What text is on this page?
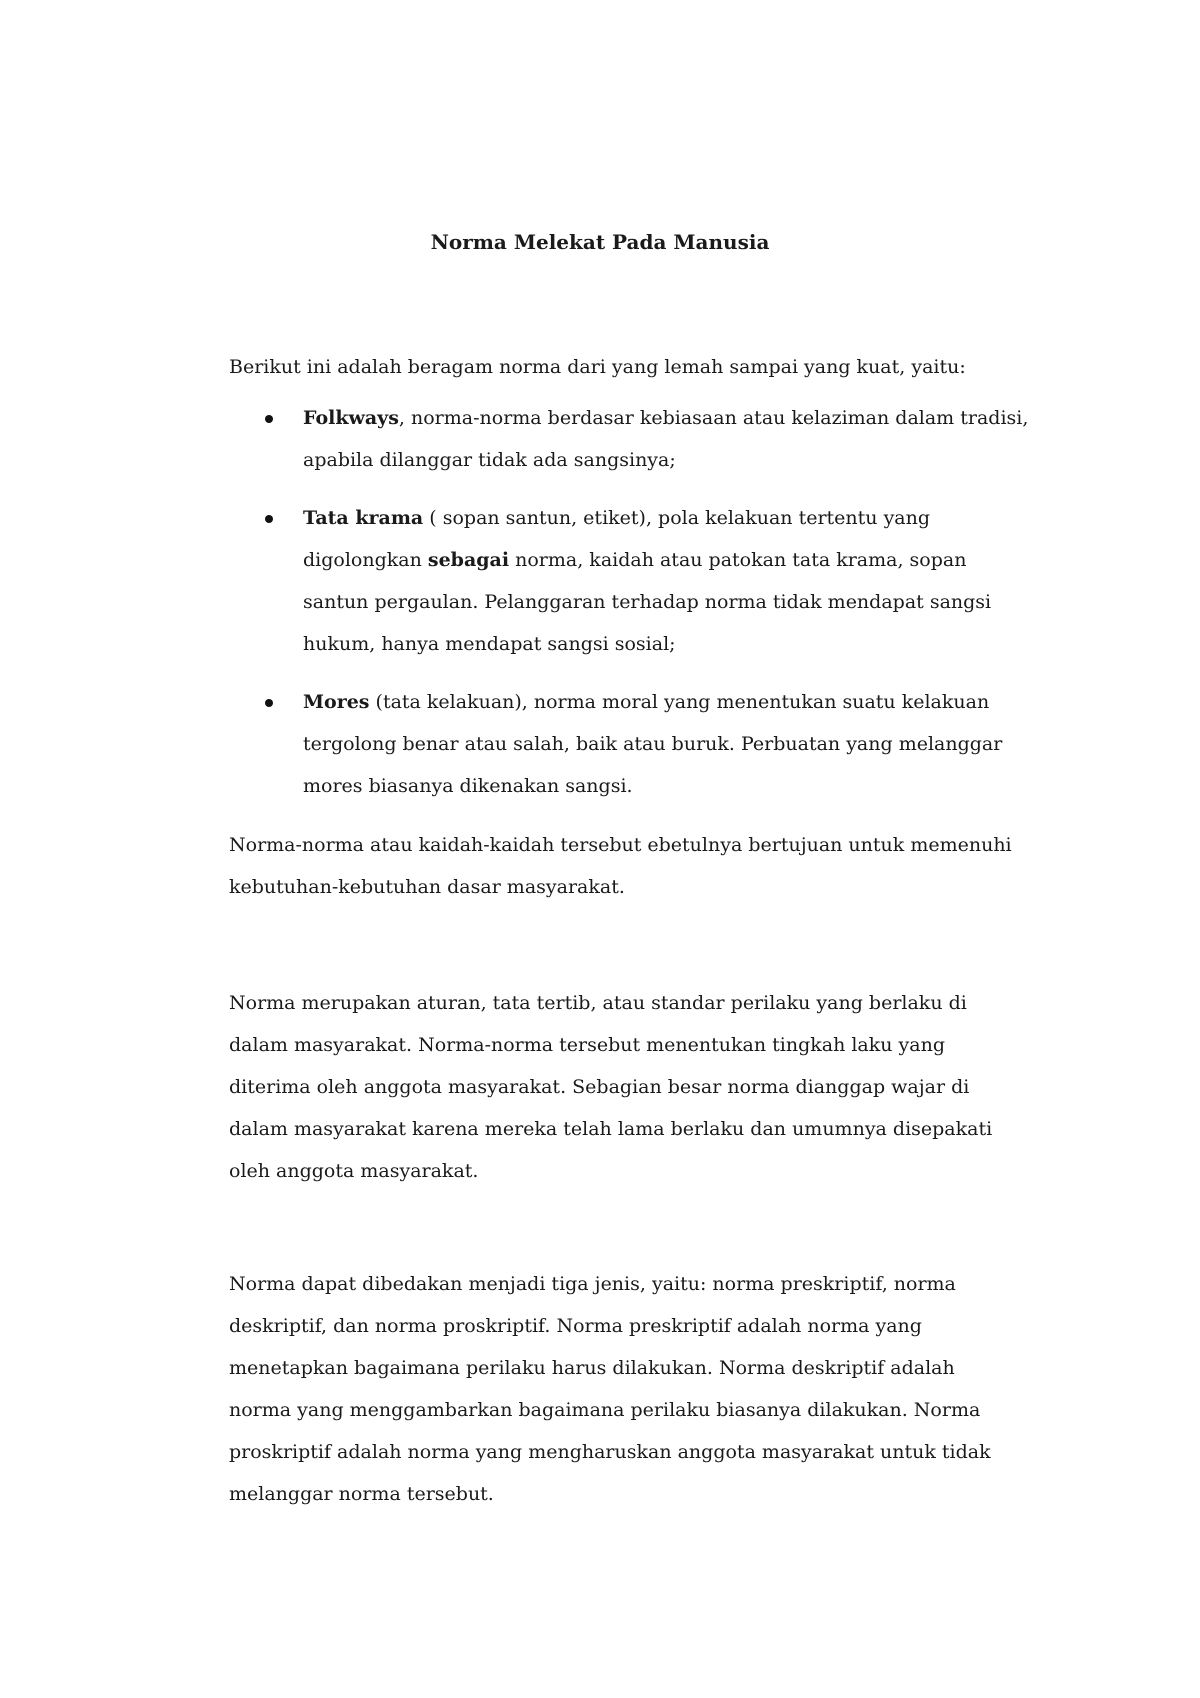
Norma Melekat Pada Manusia

Berikut ini adalah beragam norma dari yang lemah sampai yang kuat, yaitu:

Folkways, norma-norma berdasar kebiasaan atau kelaziman dalam tradisi, apabila dilanggar tidak ada sangsinya;
Tata krama ( sopan santun, etiket), pola kelakuan tertentu yang digolongkan sebagai norma, kaidah atau patokan tata krama, sopan santun pergaulan. Pelanggaran terhadap norma tidak mendapat sangsi hukum, hanya mendapat sangsi sosial;
Mores (tata kelakuan), norma moral yang menentukan suatu kelakuan tergolong benar atau salah, baik atau buruk. Perbuatan yang melanggar mores biasanya dikenakan sangsi.

Norma-norma atau kaidah-kaidah tersebut ebetulnya bertujuan untuk memenuhi kebutuhan-kebutuhan dasar masyarakat.

Norma merupakan aturan, tata tertib, atau standar perilaku yang berlaku di dalam masyarakat. Norma-norma tersebut menentukan tingkah laku yang diterima oleh anggota masyarakat. Sebagian besar norma dianggap wajar di dalam masyarakat karena mereka telah lama berlaku dan umumnya disepakati oleh anggota masyarakat.

Norma dapat dibedakan menjadi tiga jenis, yaitu: norma preskriptif, norma deskriptif, dan norma proskriptif. Norma preskriptif adalah norma yang menetapkan bagaimana perilaku harus dilakukan. Norma deskriptif adalah norma yang menggambarkan bagaimana perilaku biasanya dilakukan. Norma proskriptif adalah norma yang mengharuskan anggota masyarakat untuk tidak melanggar norma tersebut.
